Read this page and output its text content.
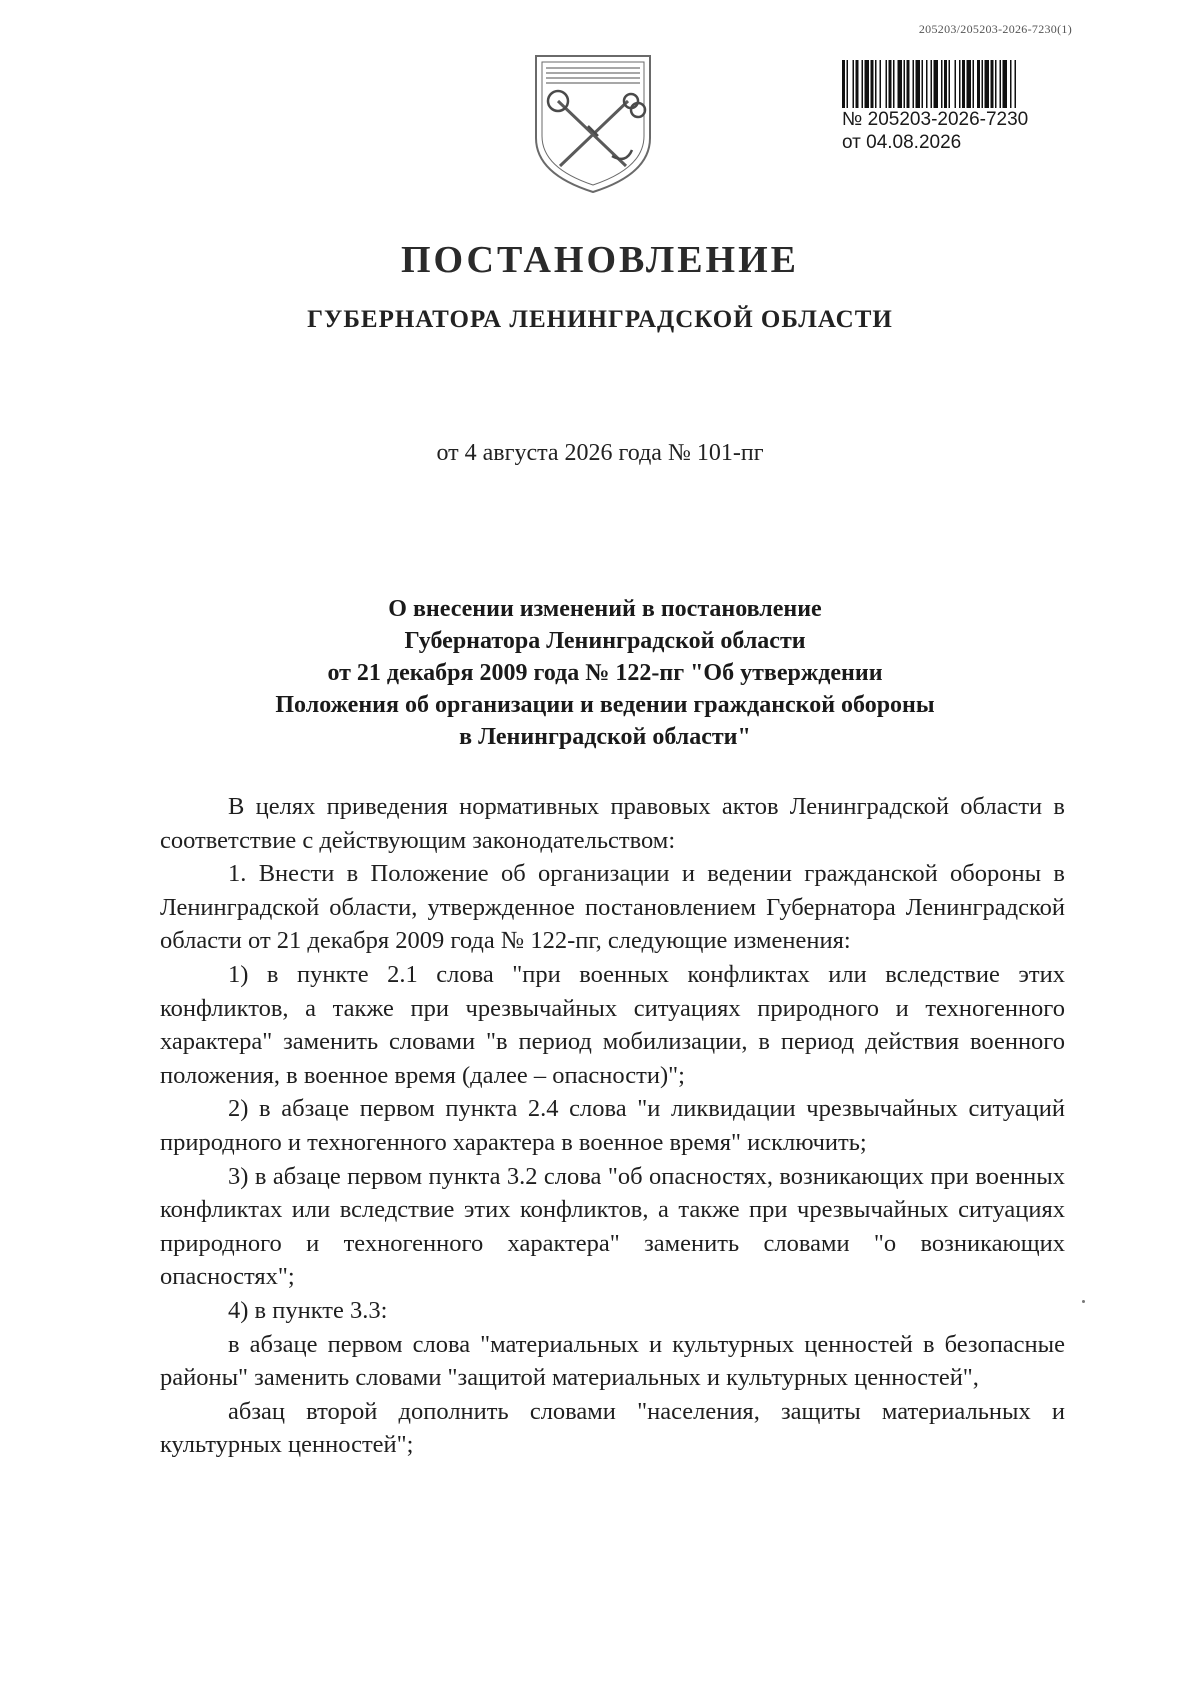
205203/205203-2026-7230(1)
№ 205203-2026-7230
от 04.08.2026
ПОСТАНОВЛЕНИЕ
ГУБЕРНАТОРА ЛЕНИНГРАДСКОЙ ОБЛАСТИ
от 4 августа 2026 года № 101-пг
О внесении изменений в постановление
Губернатора Ленинградской области
от 21 декабря 2009 года № 122-пг "Об утверждении
Положения об организации и ведении гражданской обороны
в Ленинградской области"

В целях приведения нормативных правовых актов Ленинградской области в соответствие с действующим законодательством:

1. Внести в Положение об организации и ведении гражданской обороны в Ленинградской области, утвержденное постановлением Губернатора Ленинградской области от 21 декабря 2009 года № 122-пг, следующие изменения:

1) в пункте 2.1 слова "при военных конфликтах или вследствие этих конфликтов, а также при чрезвычайных ситуациях природного и техногенного характера" заменить словами "в период мобилизации, в период действия военного положения, в военное время (далее – опасности)";

2) в абзаце первом пункта 2.4 слова "и ликвидации чрезвычайных ситуаций природного и техногенного характера в военное время" исключить;

3) в абзаце первом пункта 3.2 слова "об опасностях, возникающих при военных конфликтах или вследствие этих конфликтов, а также при чрезвычайных ситуациях природного и техногенного характера" заменить словами "о возникающих опасностях";

4) в пункте 3.3:

в абзаце первом слова "материальных и культурных ценностей в безопасные районы" заменить словами "защитой материальных и культурных ценностей",

абзац второй дополнить словами "населения, защиты материальных и культурных ценностей";
